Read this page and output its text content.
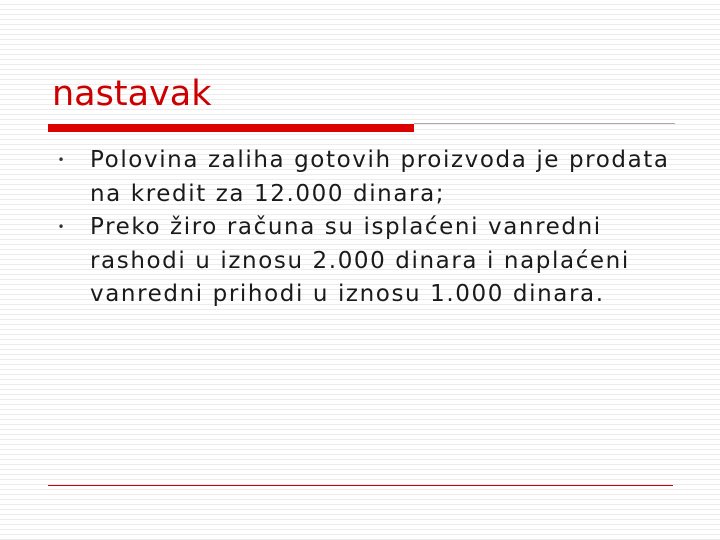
nastavak
• Polovina zaliha gotovih proizvoda je prodata na kredit za 12.000 dinara;
• Preko žiro računa su isplaćeni vanredni rashodi u iznosu 2.000 dinara i naplaćeni vanredni prihodi u iznosu 1.000 dinara.
